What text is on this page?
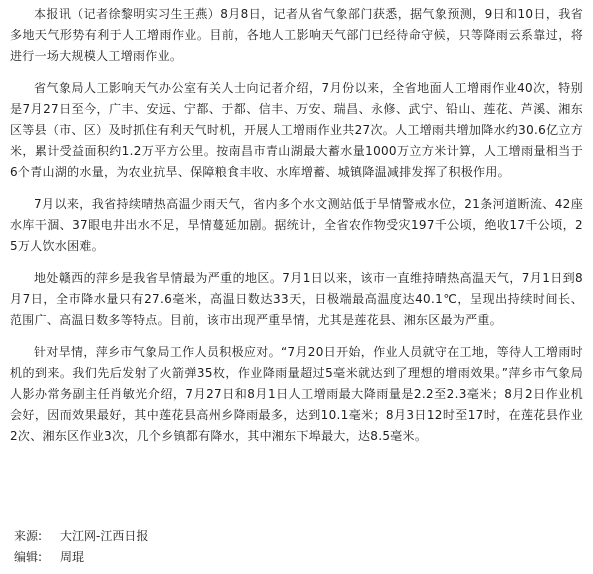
本报讯（记者徐黎明实习生王燕）8月8日，记者从省气象部门获悉，据气象预测，9日和10日，我省多地天气形势有利于人工增雨作业。目前，各地人工影响天气部门已经待命守候，只等降雨云系靠过，将进行一场大规模人工增雨作业。

省气象局人工影响天气办公室有关人士向记者介绍，7月份以来，全省地面人工增雨作业40次，特别是7月27日至今，广丰、安远、宁都、于都、信丰、万安、瑞昌、永修、武宁、铅山、莲花、芦溪、湘东区等县（市、区）及时抓住有利天气时机，开展人工增雨作业共27次。人工增雨共增加降水约30.6亿立方米，累计受益面积约1.2万平方公里。按南昌市青山湖最大蓄水量1000万立方米计算，人工增雨量相当于6个青山湖的水量，为农业抗旱、保障粮食丰收、水库增蓄、城镇降温减排发挥了积极作用。

7月以来，我省持续晴热高温少雨天气，省内多个水文测站低于旱情警戒水位，21条河道断流、42座水库干涸、37眼电井出水不足，旱情蔓延加剧。据统计，全省农作物受灾197千公顷，绝收17千公顷，25万人饮水困难。

地处赣西的萍乡是我省旱情最为严重的地区。7月1日以来，该市一直维持晴热高温天气，7月1日到8月7日，全市降水量只有27.6毫米，高温日数达33天，日极端最高温度达40.1℃，呈现出持续时间长、范围广、高温日数多等特点。目前，该市出现严重旱情，尤其是莲花县、湘东区最为严重。

针对旱情，萍乡市气象局工作人员积极应对。“7月20日开始，作业人员就守在工地，等待人工增雨时机的到来。我们先后发射了火箭弹35枚，作业降雨量超过5毫米就达到了理想的增雨效果。”萍乡市气象局人影办常务副主任肖敏光介绍，7月27日和8月1日人工增雨最大降雨量是2.2至2.3毫米；8月2日作业机会好，因而效果最好，其中莲花县高州乡降雨最多，达到10.1毫米；8月3日12时至17时，在莲花县作业2次、湘东区作业3次，几个乡镇都有降水，其中湘东下埠最大，达8.5毫米。

来源:	大江网-江西日报
编辑:	周琨
